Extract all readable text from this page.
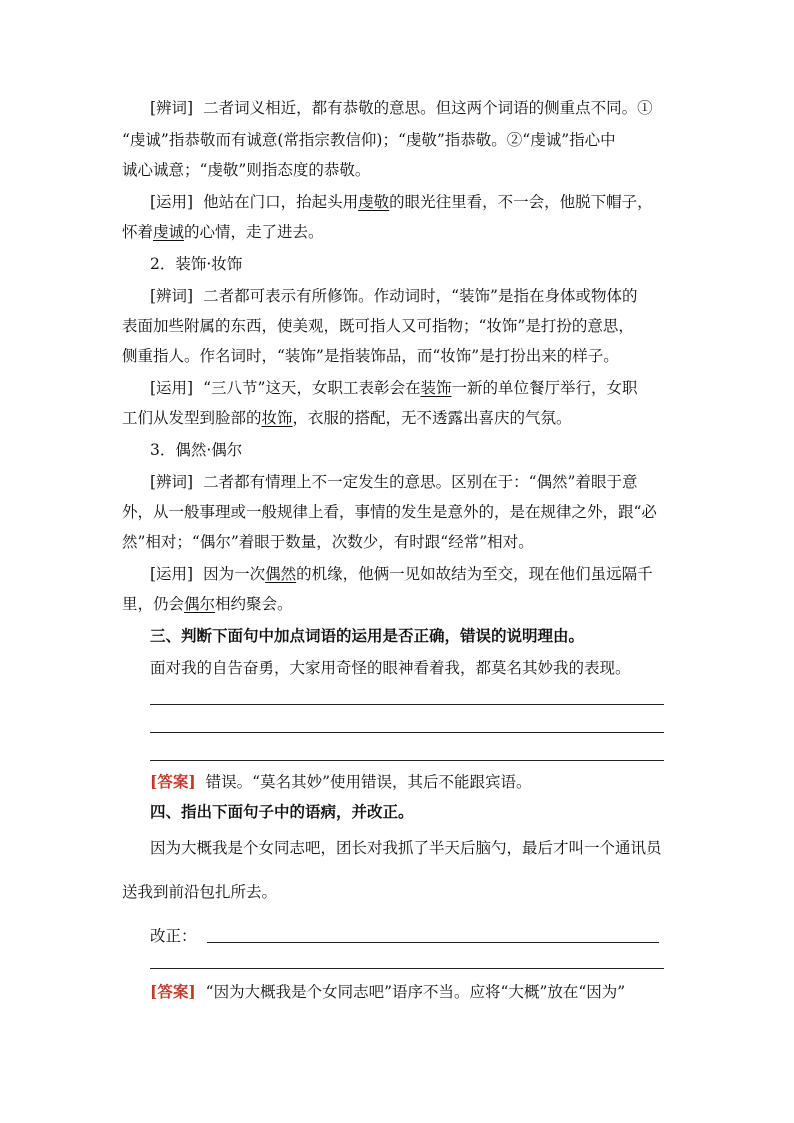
[辨词] 二者词义相近，都有恭敬的意思。但这两个词语的侧重点不同。①
“虔诚”指恭敬而有诚意(常指宗教信仰)；“虔敬”指恭敬。②“虔诚”指心中
诚心诚意；“虔敬”则指态度的恭敬。
[运用] 他站在门口，抬起头用虔敬的眼光往里看，不一会，他脱下帽子，
怀着虔诚的心情，走了进去。
2．装饰·妆饰
[辨词] 二者都可表示有所修饰。作动词时，“装饰”是指在身体或物体的
表面加些附属的东西，使美观，既可指人又可指物；“妆饰”是打扮的意思，
侧重指人。作名词时，“装饰”是指装饰品，而“妆饰”是打扮出来的样子。
[运用] “三八节”这天，女职工表彰会在装饰一新的单位餐厅举行，女职
工们从发型到脸部的妆饰，衣服的搭配，无不透露出喜庆的气氛。
3．偶然·偶尔
[辨词] 二者都有情理上不一定发生的意思。区别在于：“偶然”着眼于意
外，从一般事理或一般规律上看，事情的发生是意外的，是在规律之外，跟“必
然”相对；“偶尔”着眼于数量，次数少，有时跟“经常”相对。
[运用] 因为一次偶然的机缘，他俩一见如故结为至交，现在他们虽远隔千
里，仍会偶尔相约聚会。
三、判断下面句中加点词语的运用是否正确，错误的说明理由。
面对我的自告奋勇，大家用奇怪的眼神看着我，都莫名其妙我的表现。
[答案] 错误。“莫名其妙”使用错误，其后不能跟宾语。
四、指出下面句子中的语病，并改正。
因为大概我是个女同志吧，团长对我抓了半天后脑勺，最后才叫一个通讯员
送我到前沿包扎所去。
改正：
[答案] “因为大概我是个女同志吧”语序不当。应将“大概”放在“因为”
